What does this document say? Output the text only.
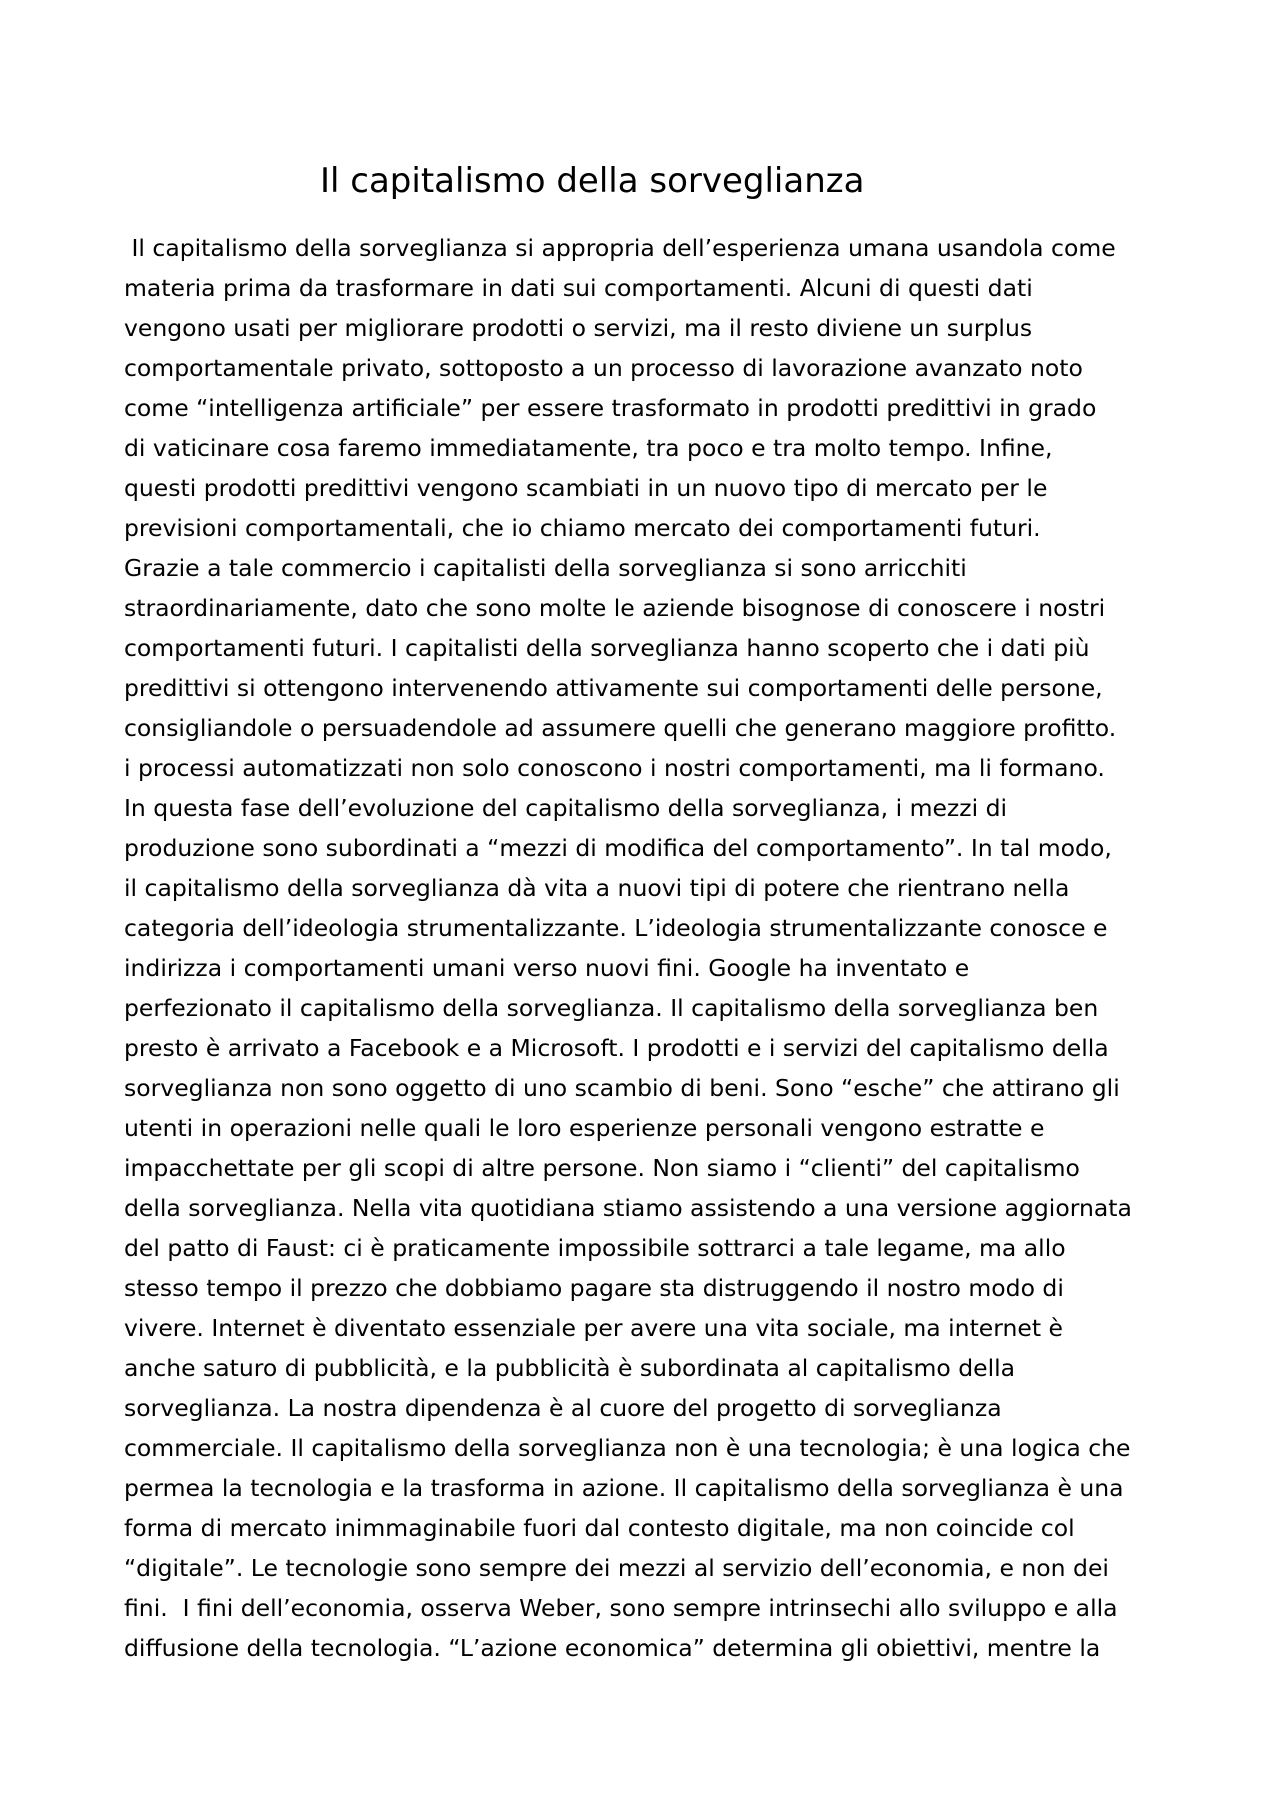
Il capitalismo della sorveglianza
Il capitalismo della sorveglianza si appropria dell’esperienza umana usandola come
materia prima da trasformare in dati sui comportamenti. Alcuni di questi dati
vengono usati per migliorare prodotti o servizi, ma il resto diviene un surplus
comportamentale privato, sottoposto a un processo di lavorazione avanzato noto
come “intelligenza artificiale” per essere trasformato in prodotti predittivi in grado
di vaticinare cosa faremo immediatamente, tra poco e tra molto tempo. Infine,
questi prodotti predittivi vengono scambiati in un nuovo tipo di mercato per le
previsioni comportamentali, che io chiamo mercato dei comportamenti futuri.
Grazie a tale commercio i capitalisti della sorveglianza si sono arricchiti
straordinariamente, dato che sono molte le aziende bisognose di conoscere i nostri
comportamenti futuri. I capitalisti della sorveglianza hanno scoperto che i dati più
predittivi si ottengono intervenendo attivamente sui comportamenti delle persone,
consigliandole o persuadendole ad assumere quelli che generano maggiore profitto.
i processi automatizzati non solo conoscono i nostri comportamenti, ma li formano.
In questa fase dell’evoluzione del capitalismo della sorveglianza, i mezzi di
produzione sono subordinati a “mezzi di modifica del comportamento”. In tal modo,
il capitalismo della sorveglianza dà vita a nuovi tipi di potere che rientrano nella
categoria dell’ideologia strumentalizzante. L’ideologia strumentalizzante conosce e
indirizza i comportamenti umani verso nuovi fini. Google ha inventato e
perfezionato il capitalismo della sorveglianza. Il capitalismo della sorveglianza ben
presto è arrivato a Facebook e a Microsoft. I prodotti e i servizi del capitalismo della
sorveglianza non sono oggetto di uno scambio di beni. Sono “esche” che attirano gli
utenti in operazioni nelle quali le loro esperienze personali vengono estratte e
impacchettate per gli scopi di altre persone. Non siamo i “clienti” del capitalismo
della sorveglianza. Nella vita quotidiana stiamo assistendo a una versione aggiornata
del patto di Faust: ci è praticamente impossibile sottrarci a tale legame, ma allo
stesso tempo il prezzo che dobbiamo pagare sta distruggendo il nostro modo di
vivere. Internet è diventato essenziale per avere una vita sociale, ma internet è
anche saturo di pubblicità, e la pubblicità è subordinata al capitalismo della
sorveglianza. La nostra dipendenza è al cuore del progetto di sorveglianza
commerciale. Il capitalismo della sorveglianza non è una tecnologia; è una logica che
permea la tecnologia e la trasforma in azione. Il capitalismo della sorveglianza è una
forma di mercato inimmaginabile fuori dal contesto digitale, ma non coincide col
“digitale”. Le tecnologie sono sempre dei mezzi al servizio dell’economia, e non dei
fini.  I fini dell’economia, osserva Weber, sono sempre intrinsechi allo sviluppo e alla
diffusione della tecnologia. “L’azione economica” determina gli obiettivi, mentre la
